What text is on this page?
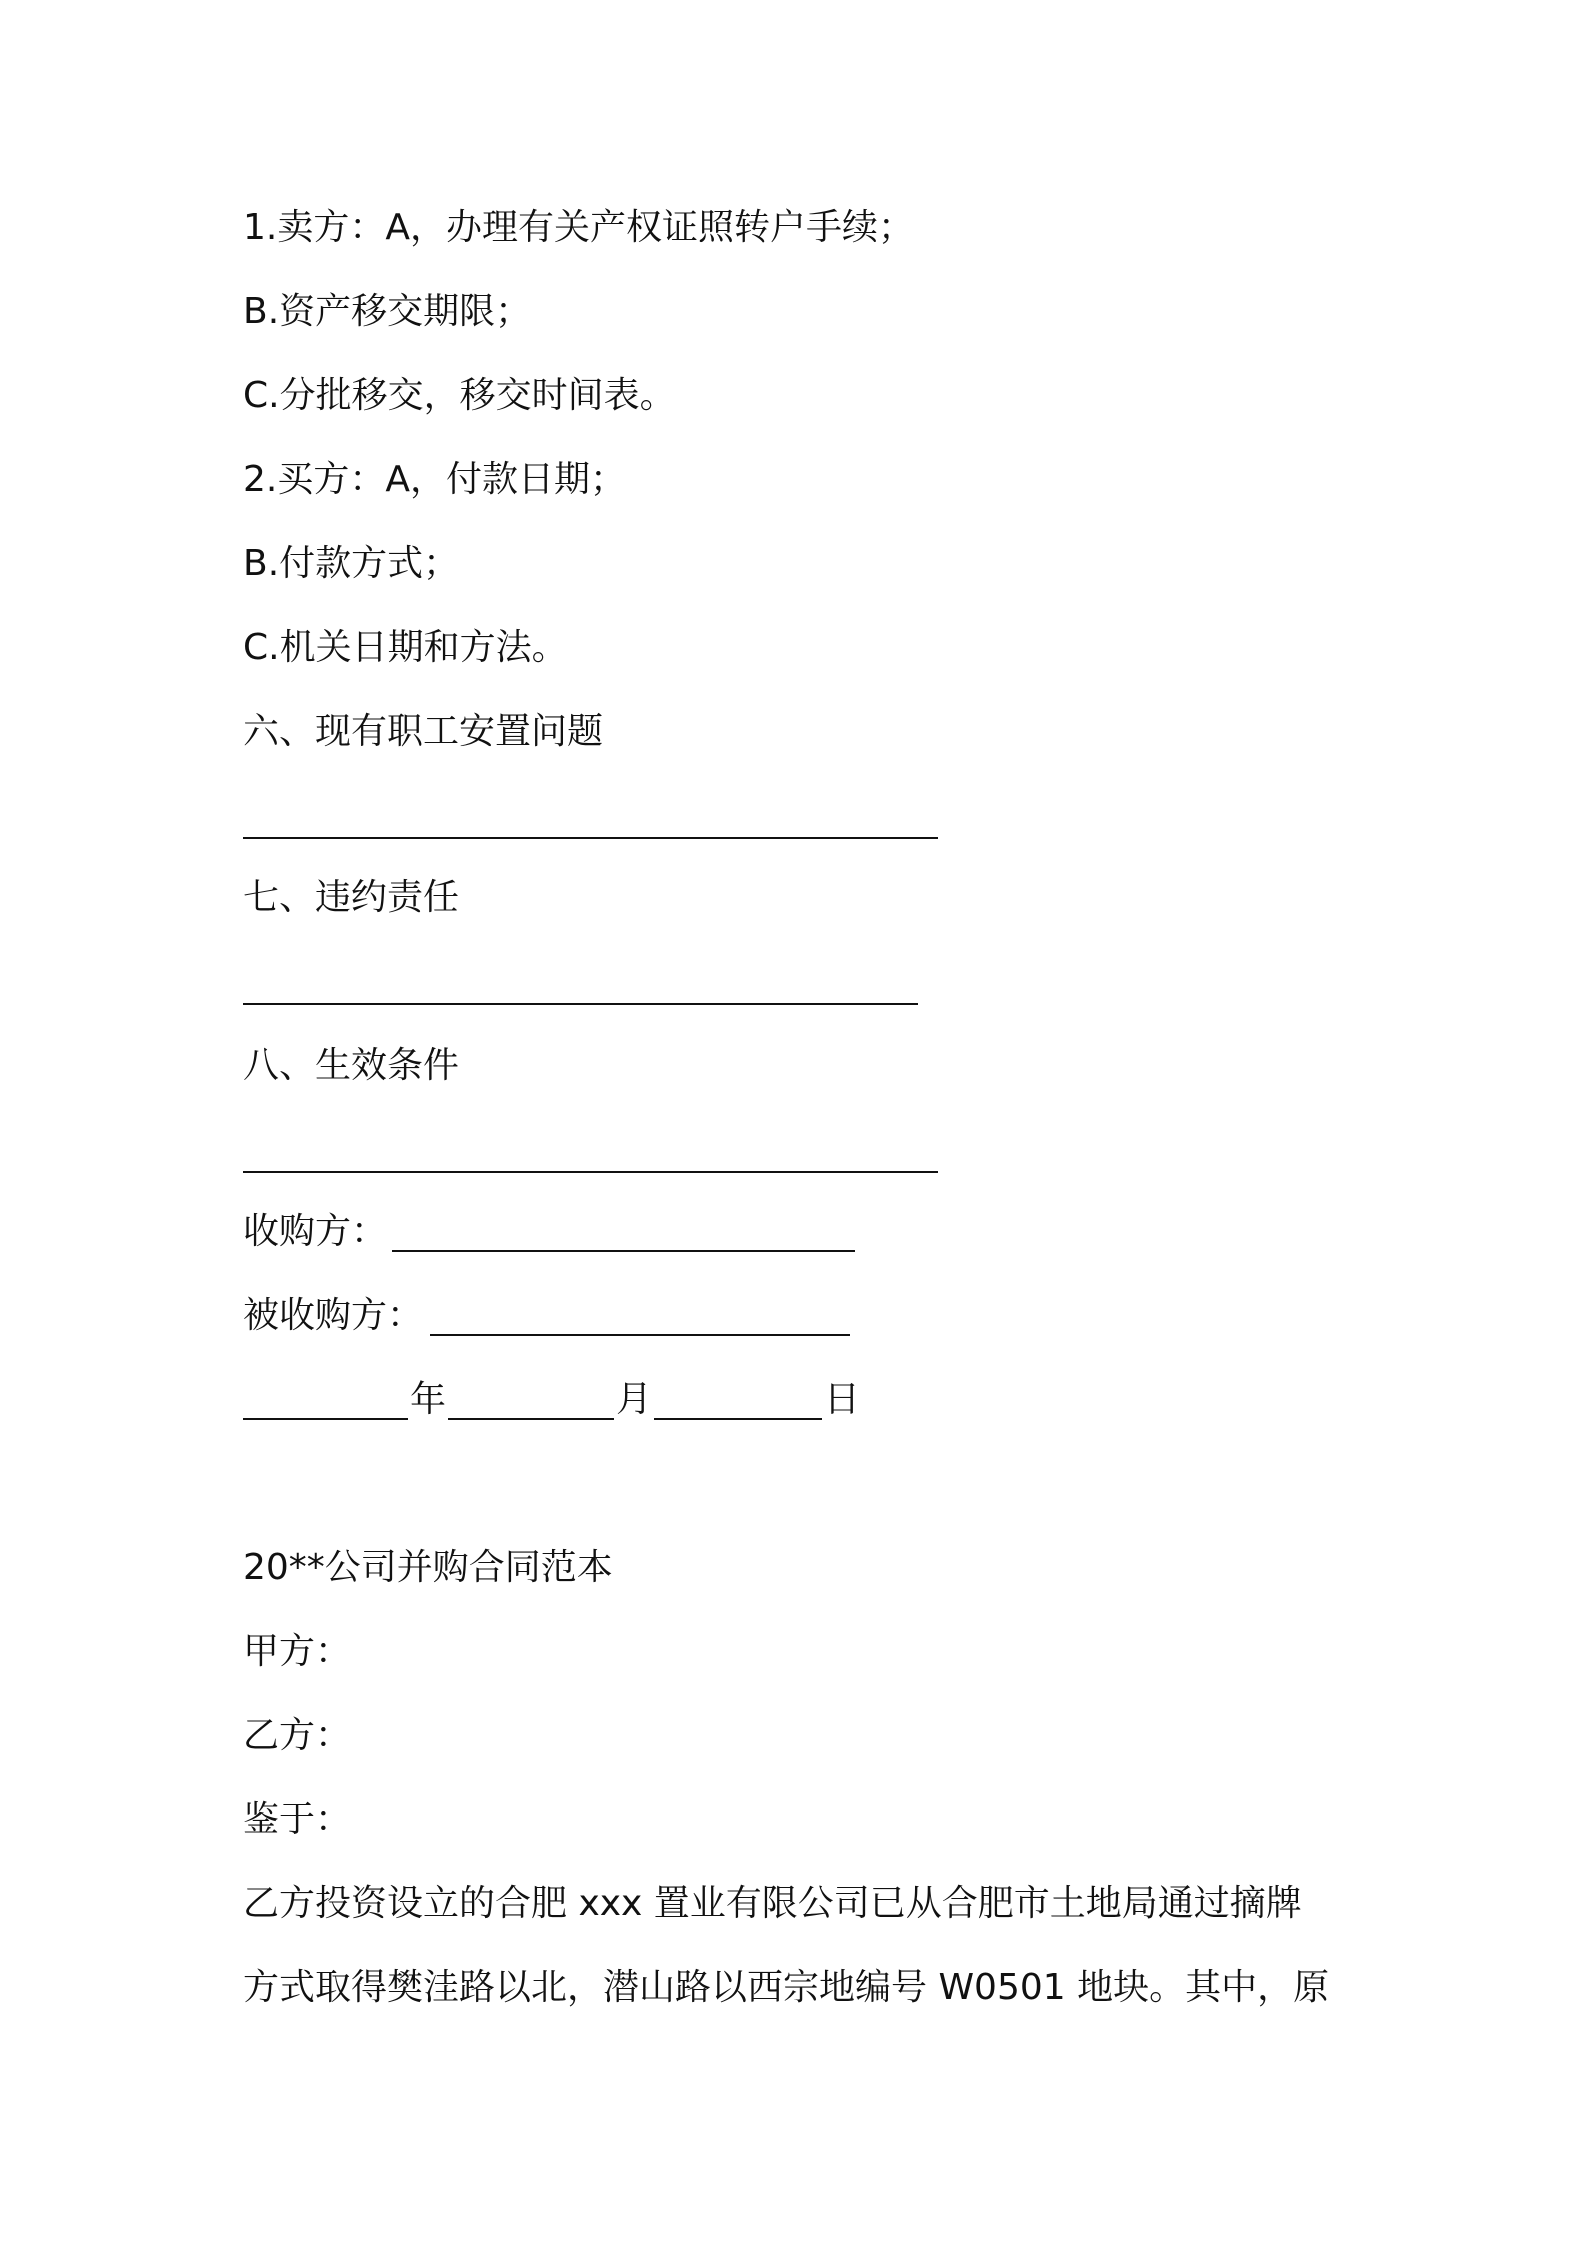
1.卖方：A，办理有关产权证照转户手续；
B.资产移交期限；
C.分批移交，移交时间表。
2.买方：A，付款日期；
B.付款方式；
C.机关日期和方法。
六、现有职工安置问题
七、违约责任
八、生效条件
收购方：
被收购方：
年	月	日
20**公司并购合同范本
甲方：
乙方：
鉴于：
乙方投资设立的合肥 xxx 置业有限公司已从合肥市土地局通过摘牌
方式取得樊洼路以北，潜山路以西宗地编号 W0501 地块。其中，原
